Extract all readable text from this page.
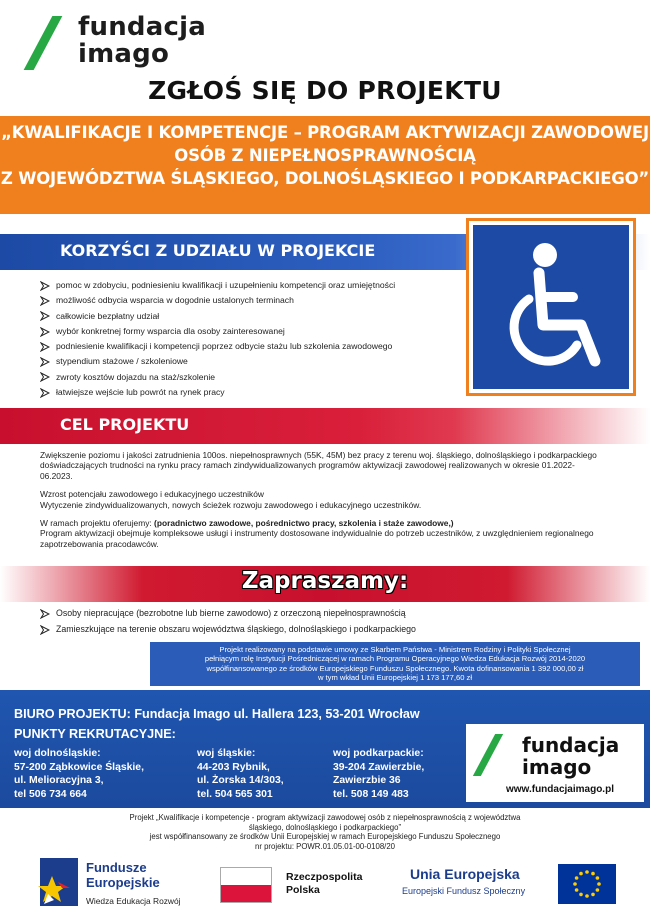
fundacja
imago
ZGŁOŚ SIĘ DO PROJEKTU

„KWALIFIKACJE I KOMPETENCJE – PROGRAM AKTYWIZACJI ZAWODOWEJ

OSÓB Z NIEPEŁNOSPRAWNOŚCIĄ

Z WOJEWÓDZTWA ŚLĄSKIEGO, DOLNOŚLĄSKIEGO I PODKARPACKIEGO”

KORZYŚCI Z UDZIAŁU W PROJEKCIE
pomoc w zdobyciu, podniesieniu kwalifikacji i uzupełnieniu kompetencji oraz umiejętności
możliwość odbycia wsparcia w dogodnie ustalonych terminach
całkowicie bezpłatny udział
wybór konkretnej formy wsparcia dla osoby zainteresowanej
podniesienie kwalifikacji i kompetencji poprzez odbycie stażu lub szkolenia zawodowego
stypendium stażowe / szkoleniowe
zwroty kosztów dojazdu na staż/szkolenie
łatwiejsze wejście lub powrót na rynek pracy
CEL PROJEKTU

Zwiększenie poziomu i jakości zatrudnienia 100os. niepełnosprawnych (55K, 45M) bez pracy z terenu woj. śląskiego, dolnośląskiego i podkarpackiego doświadczających trudności na rynku pracy ramach zindywidualizowanych programów aktywizacji zawodowej realizowanych w okresie 01.2022-06.2023.

Wzrost potencjału zawodowego i edukacyjnego uczestników
Wytyczenie zindywidualizowanych, nowych ścieżek rozwoju zawodowego i edukacyjnego uczestników.

W ramach projektu oferujemy: (poradnictwo zawodowe, pośrednictwo pracy, szkolenia i staże zawodowe,)
Program aktywizacji obejmuje kompleksowe usługi i instrumenty dostosowane indywidualnie do potrzeb uczestników, z uwzględnieniem regionalnego zapotrzebowania pracodawców.

Zapraszamy:
Osoby niepracujące (bezrobotne lub bierne zawodowo) z orzeczoną niepełnosprawnością
Zamieszkujące na terenie obszaru województwa śląskiego, dolnośląskiego i podkarpackiego
Projekt realizowany na podstawie umowy ze Skarbem Państwa - Ministrem Rodziny i Polityki Społecznej
pełniącym rolę Instytucji Pośredniczącej w ramach Programu Operacyjnego Wiedza Edukacja Rozwój 2014-2020
współfinansowanego ze środków Europejskiego Funduszu Społecznego. Kwota dofinansowania 1 392 000,00 zł
w tym wkład Unii Europejskiej 1 173 177,60 zł
BIURO PROJEKTU: Fundacja Imago ul. Hallera 123, 53-201 Wrocław
PUNKTY REKRUTACYJNE:
woj dolnośląskie:
57-200 Ząbkowice Śląskie,
ul. Melioracyjna 3,
tel 506 734 664
woj śląskie:
44-203 Rybnik,
ul. Żorska 14/303,
tel. 504 565 301
woj podkarpackie:
39-204 Zawierzbie,
Zawierzbie 36
tel. 508 149 483
fundacja
imago
www.fundacjaimago.pl
Projekt „Kwalifikacje i kompetencje - program aktywizacji zawodowej osób z niepełnosprawnością z województwa
śląskiego, dolnośląskiego i podkarpackiego”
jest współfinansowany ze środków Unii Europejskiej w ramach Europejskiego Funduszu Społecznego
nr projektu: POWR.01.05.01-00-0108/20
Fundusze
Europejskie
Wiedza Edukacja Rozwój
Rzeczpospolita
Polska
Unia Europejska
Europejski Fundusz Społeczny
